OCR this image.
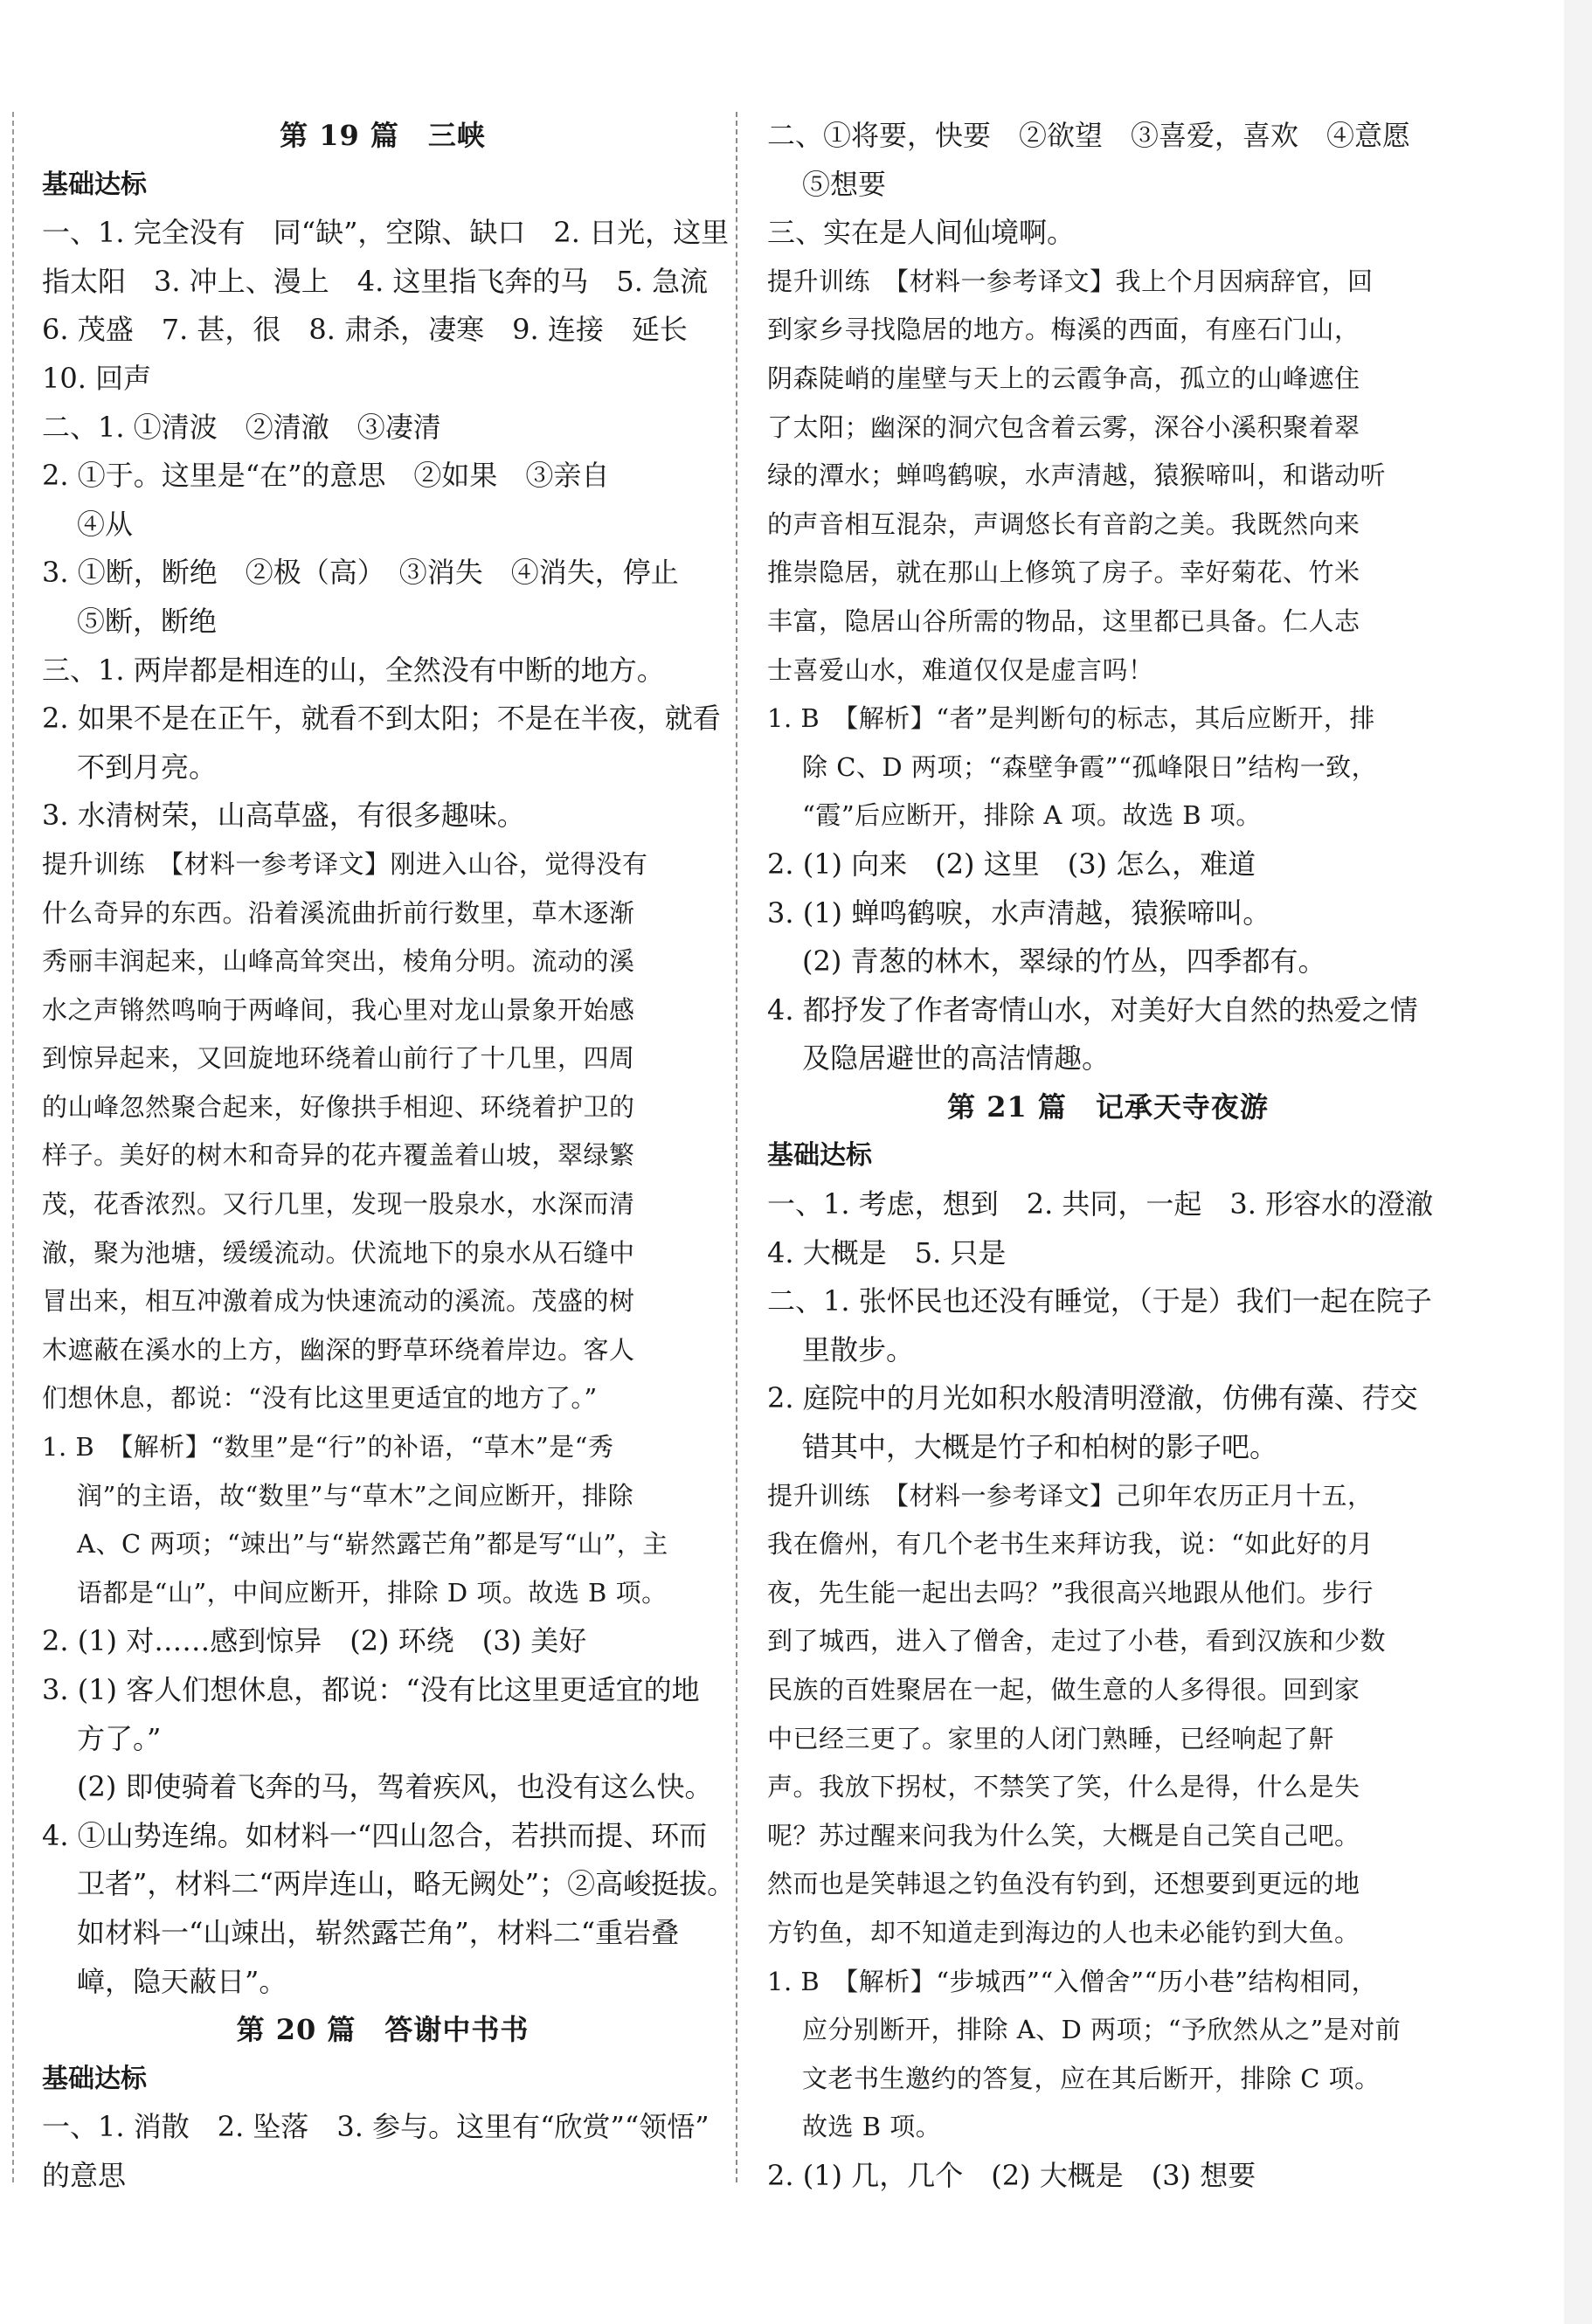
第 19 篇　三峡
基础达标
一、1. 完全没有　同“缺”，空隙、缺口　2. 日光，这里
指太阳　3. 冲上、漫上　4. 这里指飞奔的马　5. 急流
6. 茂盛　7. 甚，很　8. 肃杀，凄寒　9. 连接　延长
10. 回声
二、1. ①清波　②清澈　③凄清
2. ①于。这里是“在”的意思　②如果　③亲自
④从
3. ①断，断绝　②极（高）　③消失　④消失，停止
⑤断，断绝
三、1. 两岸都是相连的山，全然没有中断的地方。
2. 如果不是在正午，就看不到太阳；不是在半夜，就看
不到月亮。
3. 水清树荣，山高草盛，有很多趣味。
提升训练　【材料一参考译文】刚进入山谷，觉得没有
什么奇异的东西。沿着溪流曲折前行数里，草木逐渐
秀丽丰润起来，山峰高耸突出，棱角分明。流动的溪
水之声锵然鸣响于两峰间，我心里对龙山景象开始感
到惊异起来，又回旋地环绕着山前行了十几里，四周
的山峰忽然聚合起来，好像拱手相迎、环绕着护卫的
样子。美好的树木和奇异的花卉覆盖着山坡，翠绿繁
茂，花香浓烈。又行几里，发现一股泉水，水深而清
澈，聚为池塘，缓缓流动。伏流地下的泉水从石缝中
冒出来，相互冲激着成为快速流动的溪流。茂盛的树
木遮蔽在溪水的上方，幽深的野草环绕着岸边。客人
们想休息，都说：“没有比这里更适宜的地方了。”
1. B　【解析】“数里”是“行”的补语，“草木”是“秀
润”的主语，故“数里”与“草木”之间应断开，排除
A、C 两项；“竦出”与“崭然露芒角”都是写“山”，主
语都是“山”，中间应断开，排除 D 项。故选 B 项。
2. (1) 对……感到惊异　(2) 环绕　(3) 美好
3. (1) 客人们想休息，都说：“没有比这里更适宜的地
方了。”
(2) 即使骑着飞奔的马，驾着疾风，也没有这么快。
4. ①山势连绵。如材料一“四山忽合，若拱而提、环而
卫者”，材料二“两岸连山，略无阙处”；②高峻挺拔。
如材料一“山竦出，崭然露芒角”，材料二“重岩叠
嶂，隐天蔽日”。
第 20 篇　答谢中书书
基础达标
一、1. 消散　2. 坠落　3. 参与。这里有“欣赏”“领悟”
的意思
二、①将要，快要　②欲望　③喜爱，喜欢　④意愿
⑤想要
三、实在是人间仙境啊。
提升训练　【材料一参考译文】我上个月因病辞官，回
到家乡寻找隐居的地方。梅溪的西面，有座石门山，
阴森陡峭的崖壁与天上的云霞争高，孤立的山峰遮住
了太阳；幽深的洞穴包含着云雾，深谷小溪积聚着翠
绿的潭水；蝉鸣鹤唳，水声清越，猿猴啼叫，和谐动听
的声音相互混杂，声调悠长有音韵之美。我既然向来
推崇隐居，就在那山上修筑了房子。幸好菊花、竹米
丰富，隐居山谷所需的物品，这里都已具备。仁人志
士喜爱山水，难道仅仅是虚言吗！
1. B　【解析】“者”是判断句的标志，其后应断开，排
除 C、D 两项；“森壁争霞”“孤峰限日”结构一致，
“霞”后应断开，排除 A 项。故选 B 项。
2. (1) 向来　(2) 这里　(3) 怎么，难道
3. (1) 蝉鸣鹤唳，水声清越，猿猴啼叫。
(2) 青葱的林木，翠绿的竹丛，四季都有。
4. 都抒发了作者寄情山水，对美好大自然的热爱之情
及隐居避世的高洁情趣。
第 21 篇　记承天寺夜游
基础达标
一、1. 考虑，想到　2. 共同，一起　3. 形容水的澄澈
4. 大概是　5. 只是
二、1. 张怀民也还没有睡觉，（于是）我们一起在院子
里散步。
2. 庭院中的月光如积水般清明澄澈，仿佛有藻、荇交
错其中，大概是竹子和柏树的影子吧。
提升训练　【材料一参考译文】己卯年农历正月十五，
我在儋州，有几个老书生来拜访我，说：“如此好的月
夜，先生能一起出去吗？”我很高兴地跟从他们。步行
到了城西，进入了僧舍，走过了小巷，看到汉族和少数
民族的百姓聚居在一起，做生意的人多得很。回到家
中已经三更了。家里的人闭门熟睡，已经响起了鼾
声。我放下拐杖，不禁笑了笑，什么是得，什么是失
呢？苏过醒来问我为什么笑，大概是自己笑自己吧。
然而也是笑韩退之钓鱼没有钓到，还想要到更远的地
方钓鱼，却不知道走到海边的人也未必能钓到大鱼。
1. B　【解析】“步城西”“入僧舍”“历小巷”结构相同，
应分别断开，排除 A、D 两项；“予欣然从之”是对前
文老书生邀约的答复，应在其后断开，排除 C 项。
故选 B 项。
2. (1) 几，几个　(2) 大概是　(3) 想要
